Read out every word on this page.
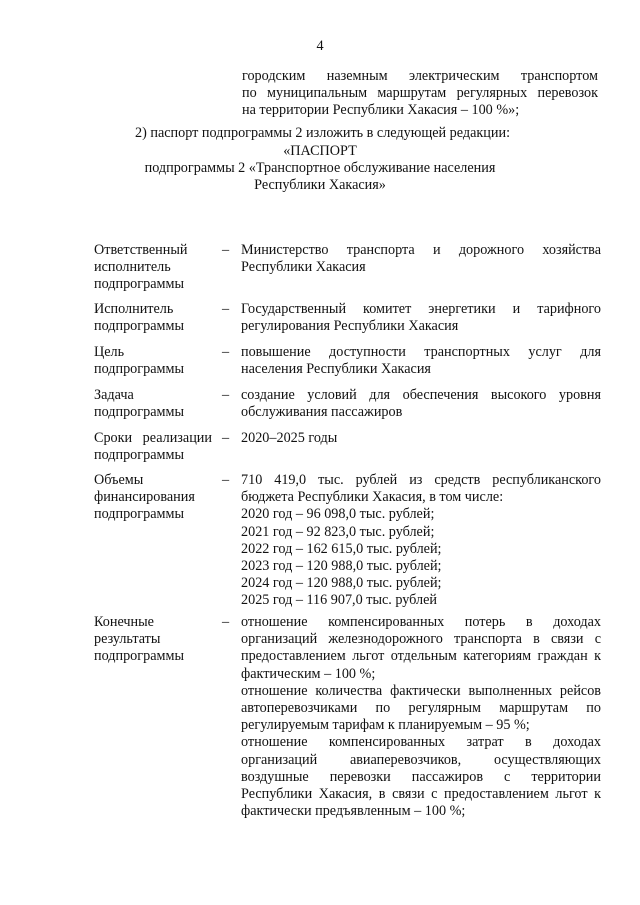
4
городским наземным электрическим транспортом
по муниципальным маршрутам регулярных перевозок
на территории Республики Хакасия – 100 %»;
2) паспорт подпрограммы 2 изложить в следующей редакции:
«ПАСПОРТ
подпрограммы 2 «Транспортное обслуживание населения
Республики Хакасия»
Ответственный
исполнитель
подпрограммы
– Министерство транспорта и дорожного хозяйства
Республики Хакасия
Исполнитель
подпрограммы
– Государственный комитет энергетики и тарифного
регулирования Республики Хакасия
Цель
подпрограммы
– повышение доступности транспортных услуг для
населения Республики Хакасия
Задача
подпрограммы
– создание условий для обеспечения высокого уровня
обслуживания пассажиров
Сроки реализации
подпрограммы
– 2020–2025 годы
Объемы
финансирования
подпрограммы
– 710 419,0 тыс. рублей из средств республиканского
бюджета Республики Хакасия, в том числе:
2020 год – 96 098,0 тыс. рублей;
2021 год – 92 823,0 тыс. рублей;
2022 год – 162 615,0 тыс. рублей;
2023 год – 120 988,0 тыс. рублей;
2024 год – 120 988,0 тыс. рублей;
2025 год – 116 907,0 тыс. рублей
Конечные
результаты
подпрограммы
– отношение компенсированных потерь в доходах
организаций железнодорожного транспорта в связи с
предоставлением льгот отдельным категориям граждан к
фактическим – 100 %;
отношение количества фактически выполненных рейсов
автоперевозчиками по регулярным маршрутам по
регулируемым тарифам к планируемым – 95 %;
отношение компенсированных затрат в доходах
организаций авиаперевозчиков, осуществляющих
воздушные перевозки пассажиров с территории
Республики Хакасия, в связи с предоставлением льгот к
фактически предъявленным – 100 %;
